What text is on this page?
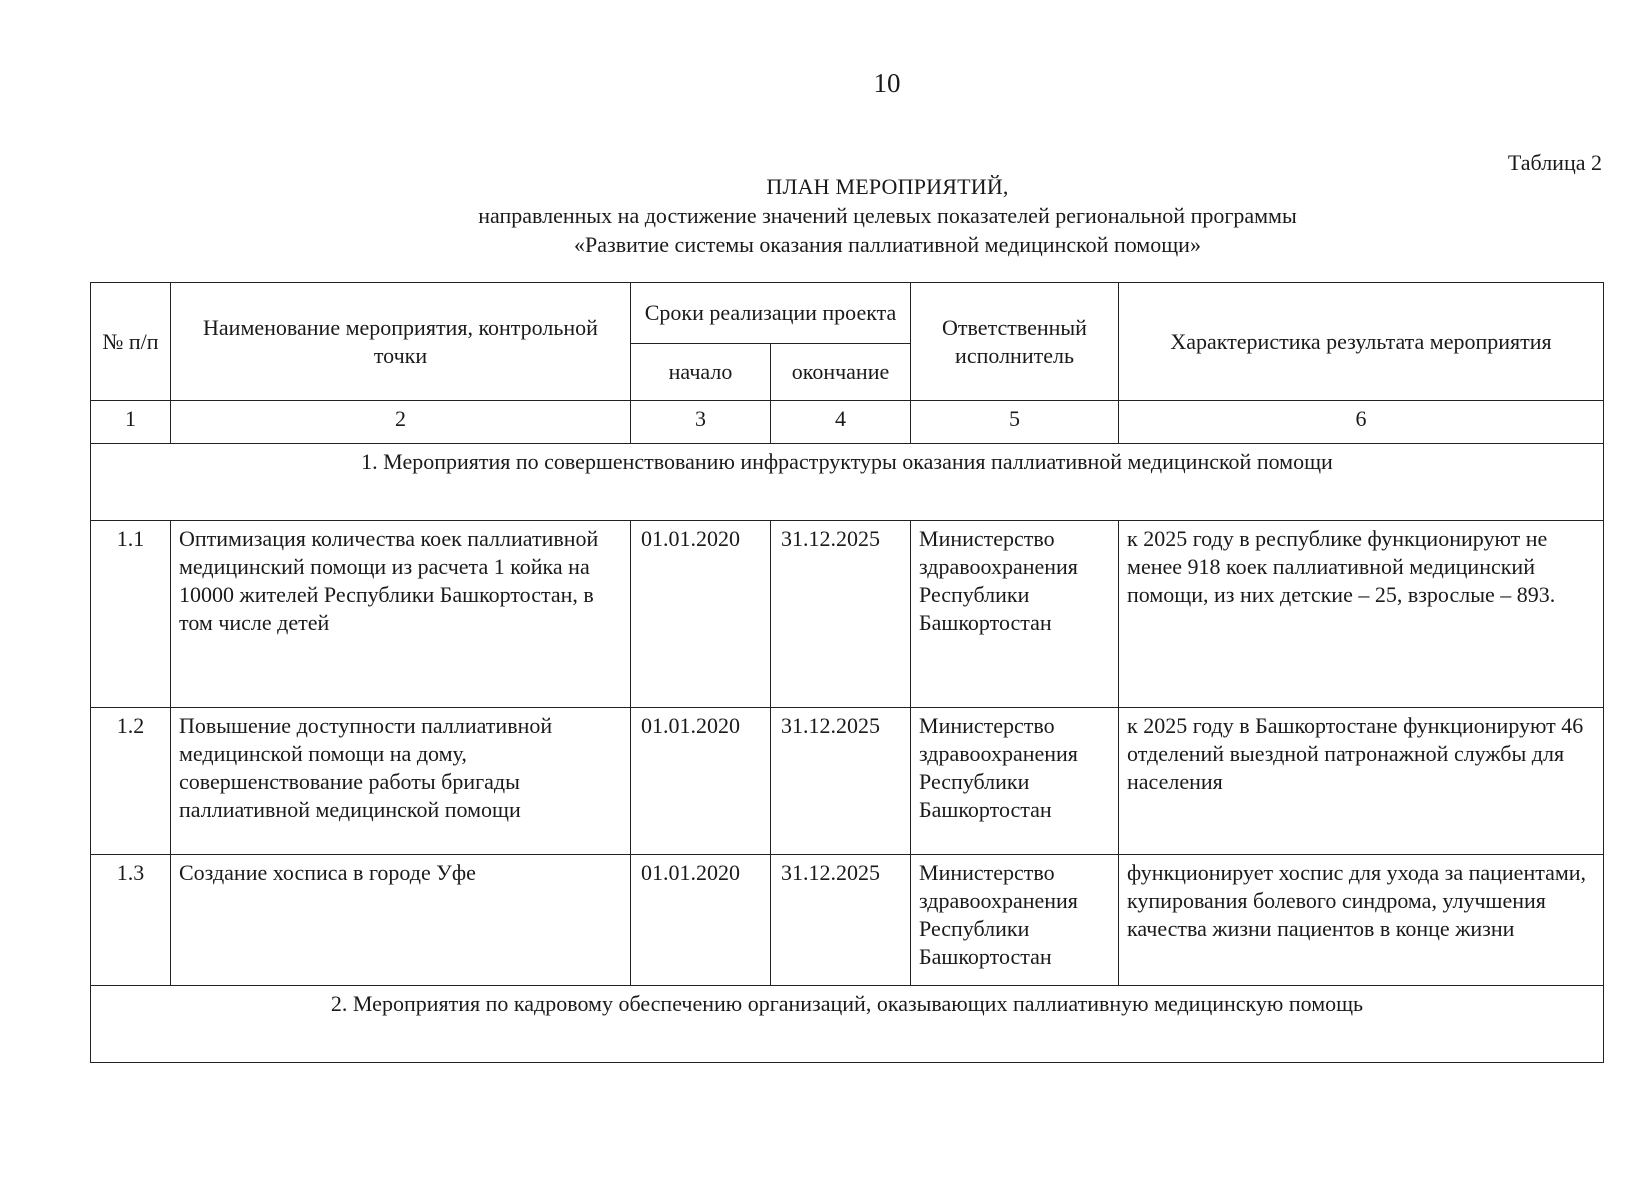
10
Таблица 2
ПЛАН МЕРОПРИЯТИЙ,
направленных на достижение значений целевых показателей региональной программы
«Развитие системы оказания паллиативной медицинской помощи»
№ п/п	Наименование мероприятия, контрольной точки	Сроки реализации проекта		Ответственный исполнитель	Характеристика результата мероприятия
		начало	окончание		
1	2	3	4	5	6
1. Мероприятия по совершенствованию инфраструктуры оказания паллиативной медицинской помощи					
1.1	Оптимизация количества коек паллиативной медицинский помощи из расчета 1 койка на 10000 жителей Республики Башкортостан, в том числе детей	01.01.2020	31.12.2025	Министерство здравоохранения Республики Башкортостан	к 2025 году в республике функционируют не менее 918 коек паллиативной медицинский помощи, из них детские – 25, взрослые – 893.
1.2	Повышение доступности паллиативной медицинской помощи на дому, совершенствование работы бригады паллиативной медицинской помощи	01.01.2020	31.12.2025	Министерство здравоохранения Республики Башкортостан	к 2025 году в Башкортостане функционируют 46 отделений выездной патронажной службы для населения
1.3	Создание хосписа в городе Уфе	01.01.2020	31.12.2025	Министерство здравоохранения Республики Башкортостан	функционирует хоспис для ухода за пациентами, купирования болевого синдрома, улучшения качества жизни пациентов в конце жизни
2. Мероприятия по кадровому обеспечению организаций, оказывающих паллиативную медицинскую помощь					
